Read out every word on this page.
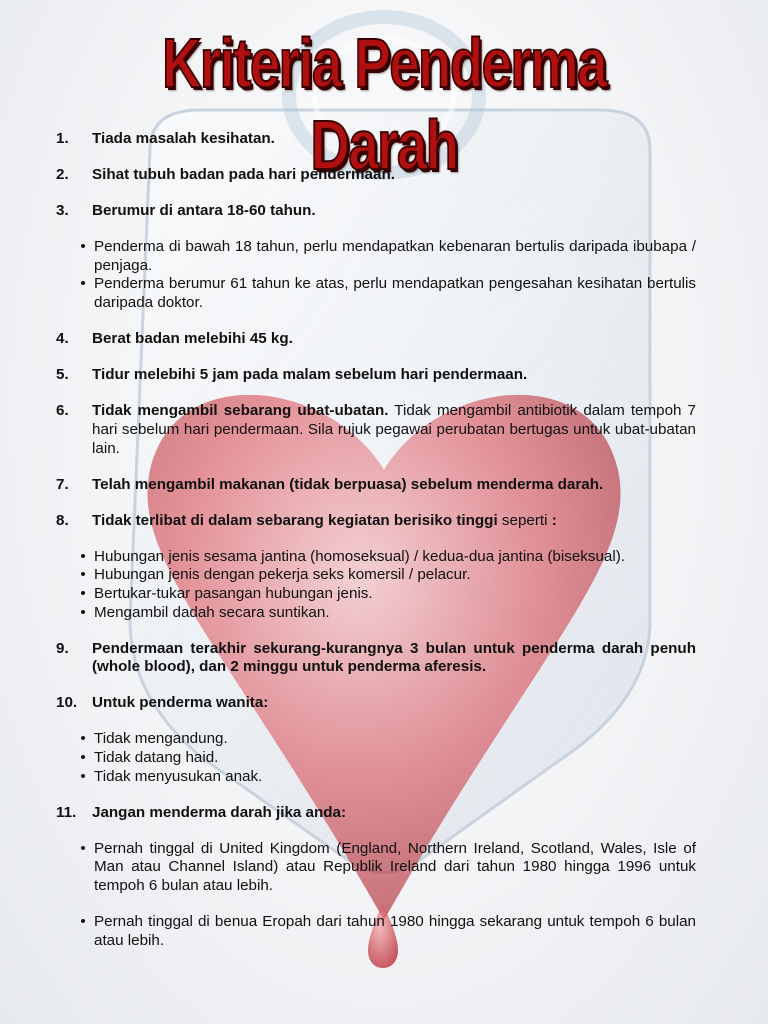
Kriteria Penderma Darah
1.	Tiada masalah kesihatan.
2.	Sihat tubuh badan pada hari pendermaan.
3.	Berumur di antara 18-60 tahun.
• Penderma di bawah 18 tahun, perlu mendapatkan kebenaran bertulis daripada ibubapa / penjaga.
• Penderma berumur 61 tahun ke atas, perlu mendapatkan pengesahan kesihatan bertulis daripada doktor.
4.	Berat badan melebihi 45 kg.
5.	Tidur melebihi 5 jam pada malam sebelum hari pendermaan.
6.	Tidak mengambil sebarang ubat-ubatan. Tidak mengambil antibiotik dalam tempoh 7 hari sebelum hari pendermaan. Sila rujuk pegawai perubatan bertugas untuk ubat-ubatan lain.
7.	Telah mengambil makanan (tidak berpuasa) sebelum menderma darah.
8.	Tidak terlibat di dalam sebarang kegiatan berisiko tinggi seperti :
• Hubungan jenis sesama jantina (homoseksual) / kedua-dua jantina (biseksual).
• Hubungan jenis dengan pekerja seks komersil / pelacur.
• Bertukar-tukar pasangan hubungan jenis.
• Mengambil dadah secara suntikan.
9.	Pendermaan terakhir sekurang-kurangnya 3 bulan untuk penderma darah penuh (whole blood), dan 2 minggu untuk penderma aferesis.
10. Untuk penderma wanita:
• Tidak mengandung.
• Tidak datang haid.
• Tidak menyusukan anak.
11.	Jangan menderma darah jika anda:
• Pernah tinggal di United Kingdom (England, Northern Ireland, Scotland, Wales, Isle of Man atau Channel Island) atau Republik Ireland dari tahun 1980 hingga 1996 untuk tempoh 6 bulan atau lebih.
• Pernah tinggal di benua Eropah dari tahun 1980 hingga sekarang untuk tempoh 6 bulan atau lebih.
